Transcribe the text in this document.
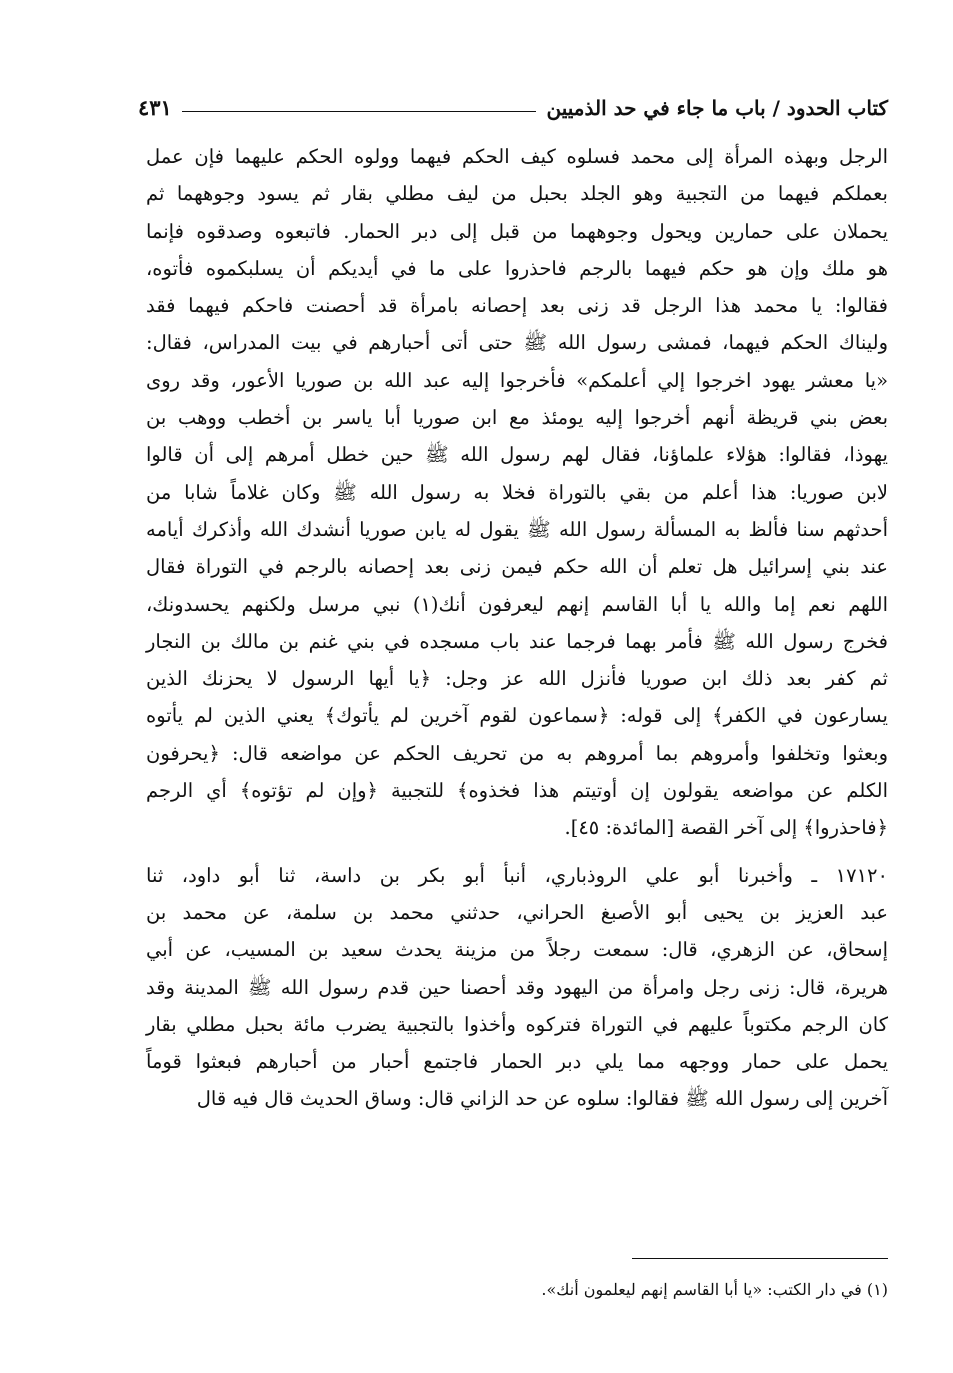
كتاب الحدود / باب ما جاء في حد الذميين
٤٣١
الرجل وبهذه المرأة إلى محمد فسلوه كيف الحكم فيهما وولوه الحكم عليهما فإن عمل
بعملكم فيهما من التجبية وهو الجلد بحبل من ليف مطلي بقار ثم يسود وجوههما ثم
يحملان على حمارين ويحول وجوههما من قبل إلى دبر الحمار. فاتبعوه وصدقوه فإنما
هو ملك وإن هو حكم فيهما بالرجم فاحذروا على ما في أيديكم أن يسلبكموه فأتوه،
فقالوا: يا محمد هذا الرجل قد زنى بعد إحصانه بامرأة قد أحصنت فاحكم فيهما فقد
وليناك الحكم فيهما، فمشى رسول الله ﷺ حتى أتى أحبارهم في بيت المدراس، فقال:
«يا معشر يهود اخرجوا إلي أعلمكم» فأخرجوا إليه عبد الله بن صوريا الأعور، وقد روى
بعض بني قريظة أنهم أخرجوا إليه يومئذ مع ابن صوريا أبا ياسر بن أخطب ووهب بن
يهوذا، فقالوا: هؤلاء علماؤنا، فقال لهم رسول الله ﷺ حين خطل أمرهم إلى أن قالوا
لابن صوريا: هذا أعلم من بقي بالتوراة فخلا به رسول الله ﷺ وكان غلاماً شابا من
أحدثهم سنا فألظ به المسألة رسول الله ﷺ يقول له يابن صوريا أنشدك الله وأذكرك أيامه
عند بني إسرائيل هل تعلم أن الله حكم فيمن زنى بعد إحصانه بالرجم في التوراة فقال
اللهم نعم إما والله يا أبا القاسم إنهم ليعرفون أنك(١) نبي مرسل ولكنهم يحسدونك،
فخرج رسول الله ﷺ فأمر بهما فرجما عند باب مسجده في بني غنم بن مالك بن النجار
ثم كفر بعد ذلك ابن صوريا فأنزل الله عز وجل: ﴿يا أيها الرسول لا يحزنك الذين
يسارعون في الكفر﴾ إلى قوله: ﴿سماعون لقوم آخرين لم يأتوك﴾ يعني الذين لم يأتوه
وبعثوا وتخلفوا وأمروهم بما أمروهم به من تحريف الحكم عن مواضعه قال: ﴿يحرفون
الكلم عن مواضعه يقولون إن أوتيتم هذا فخذوه﴾ للتجبية ﴿وإن لم تؤتوه﴾ أي الرجم
﴿فاحذروا﴾ إلى آخر القصة [المائدة: ٤٥].
١٧١٢٠ ـ وأخبرنا أبو علي الروذباري، أنبأ أبو بكر بن داسة، ثنا أبو داود، ثنا
عبد العزيز بن يحيى أبو الأصبغ الحراني، حدثني محمد بن سلمة، عن محمد بن
إسحاق، عن الزهري، قال: سمعت رجلاً من مزينة يحدث سعيد بن المسيب، عن أبي
هريرة، قال: زنى رجل وامرأة من اليهود وقد أحصنا حين قدم رسول الله ﷺ المدينة وقد
كان الرجم مكتوباً عليهم في التوراة فتركوه وأخذوا بالتجبية يضرب مائة بحبل مطلي بقار
يحمل على حمار ووجهه مما يلي دبر الحمار فاجتمع أحبار من أحبارهم فبعثوا قوماً
آخرين إلى رسول الله ﷺ فقالوا: سلوه عن حد الزاني قال: وساق الحديث قال فيه قال
(١) في دار الكتب: «يا أبا القاسم إنهم ليعلمون أنك».
